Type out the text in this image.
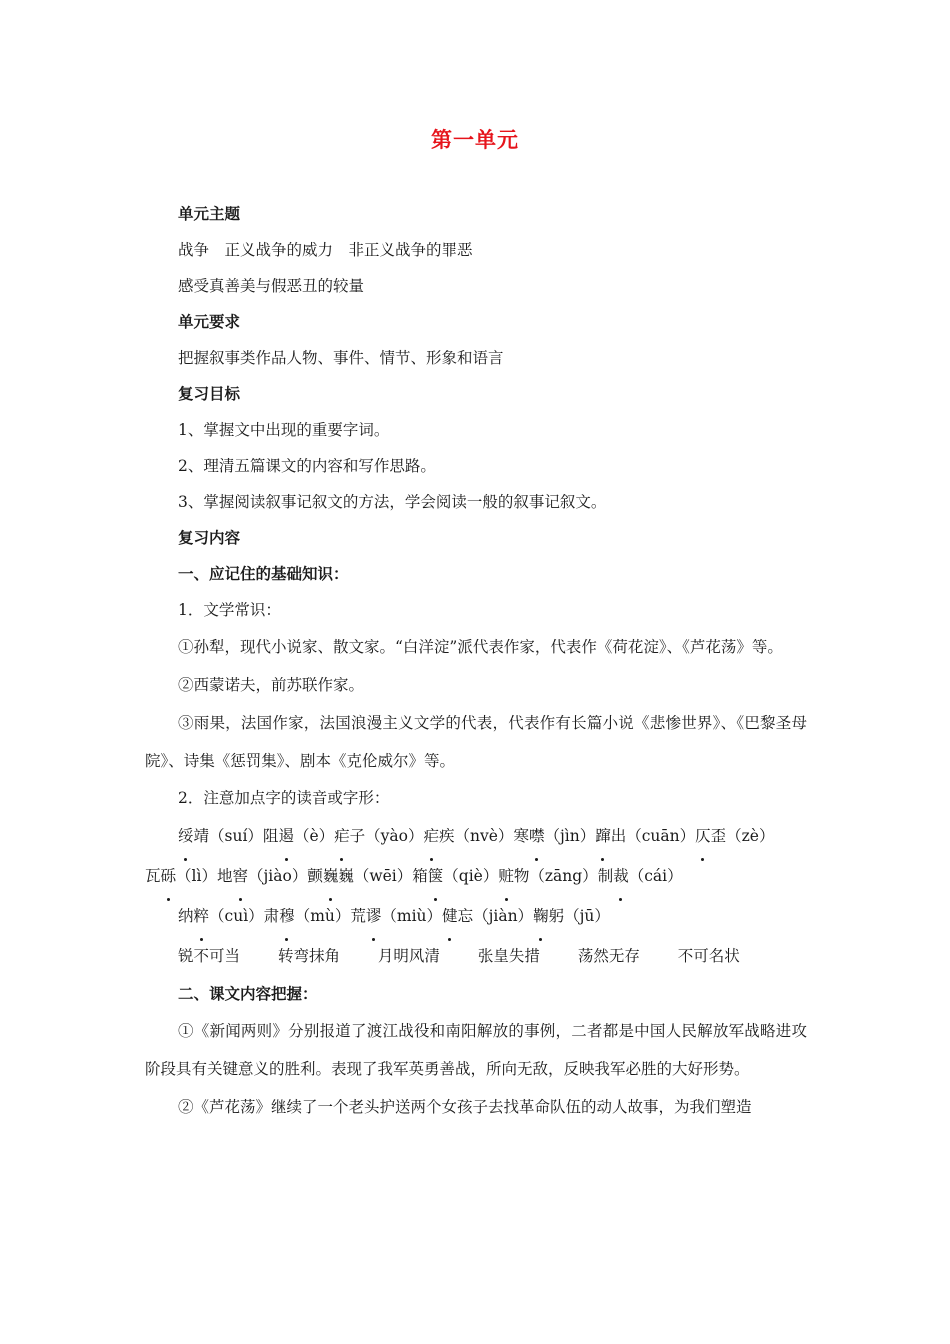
第一单元
单元主题
战争　正义战争的威力　非正义战争的罪恶
感受真善美与假恶丑的较量
单元要求
把握叙事类作品人物、事件、情节、形象和语言
复习目标
1、掌握文中出现的重要字词。
2、理清五篇课文的内容和写作思路。
3、掌握阅读叙事记叙文的方法，学会阅读一般的叙事记叙文。
复习内容
一、应记住的基础知识：
1．文学常识：
①孙犁，现代小说家、散文家。“白洋淀”派代表作家，代表作《荷花淀》、《芦花荡》等。
②西蒙诺夫，前苏联作家。
③雨果，法国作家，法国浪漫主义文学的代表，代表作有长篇小说《悲惨世界》、《巴黎圣母院》、诗集《惩罚集》、剧本《克伦威尔》等。
2．注意加点字的读音或字形：
绥靖（suí）阻遏（è）疟子（yào）疟疾（nvè）寒噤（jìn）蹿出（cuān）仄歪（zè）
瓦砾（lì）地窖（jiào）颤巍巍（wēi）箱箧（qiè）赃物（zāng）制裁（cái）
纳粹（cuì）肃穆（mù）荒谬（miù）健忘（jiàn）鞠躬（jū）
锐不可当 转弯抹角 月明风清 张皇失措 荡然无存 不可名状
二、课文内容把握：
①《新闻两则》分别报道了渡江战役和南阳解放的事例，二者都是中国人民解放军战略进攻阶段具有关键意义的胜利。表现了我军英勇善战，所向无敌，反映我军必胜的大好形势。
②《芦花荡》继续了一个老头护送两个女孩子去找革命队伍的动人故事，为我们塑造
